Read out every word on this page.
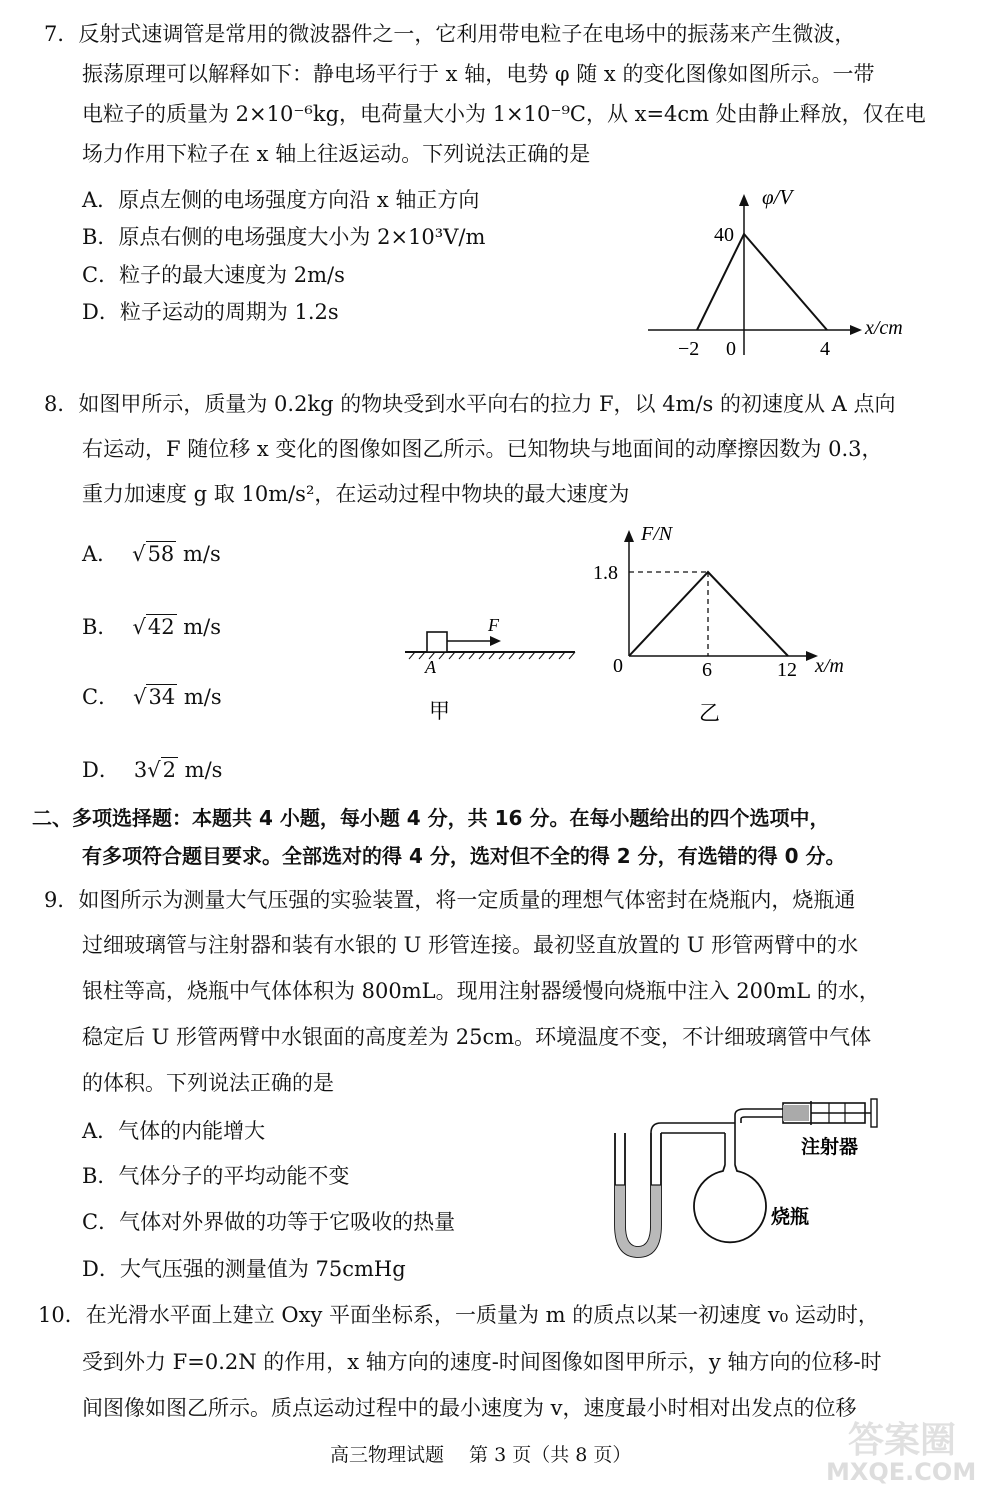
7．反射式速调管是常用的微波器件之一，它利用带电粒子在电场中的振荡来产生微波，
振荡原理可以解释如下：静电场平行于 x 轴，电势 φ 随 x 的变化图像如图所示。一带
电粒子的质量为 2×10⁻⁶kg，电荷量大小为 1×10⁻⁹C，从 x=4cm 处由静止释放，仅在电
场力作用下粒子在 x 轴上往返运动。下列说法正确的是
A．原点左侧的电场强度方向沿 x 轴正方向
B．原点右侧的电场强度大小为 2×10³V/m
C．粒子的最大速度为 2m/s
D．粒子运动的周期为 1.2s
φ/V
x/cm
40
−2 0	4
8．如图甲所示，质量为 0.2kg 的物块受到水平向右的拉力 F，以 4m/s 的初速度从 A 点向
右运动，F 随位移 x 变化的图像如图乙所示。已知物块与地面间的动摩擦因数为 0.3，
重力加速度 g 取 10m/s²，在运动过程中物块的最大速度为
A． √58 m/s
B． √42 m/s
C． √34 m/s
D． 3√2 m/s
F
A
甲
F/N
x/m
1.8
0	6	12
乙
二、多项选择题：本题共 4 小题，每小题 4 分，共 16 分。在每小题给出的四个选项中，
有多项符合题目要求。全部选对的得 4 分，选对但不全的得 2 分，有选错的得 0 分。
9．如图所示为测量大气压强的实验装置，将一定质量的理想气体密封在烧瓶内，烧瓶通
过细玻璃管与注射器和装有水银的 U 形管连接。最初竖直放置的 U 形管两臂中的水
银柱等高，烧瓶中气体体积为 800mL。现用注射器缓慢向烧瓶中注入 200mL 的水，
稳定后 U 形管两臂中水银面的高度差为 25cm。环境温度不变，不计细玻璃管中气体
的体积。下列说法正确的是
A．气体的内能增大
B．气体分子的平均动能不变
C．气体对外界做的功等于它吸收的热量
D．大气压强的测量值为 75cmHg
注射器
烧瓶
10．在光滑水平面上建立 Oxy 平面坐标系，一质量为 m 的质点以某一初速度 v₀ 运动时，
受到外力 F=0.2N 的作用，x 轴方向的速度-时间图像如图甲所示，y 轴方向的位移-时
间图像如图乙所示。质点运动过程中的最小速度为 v，速度最小时相对出发点的位移
高三物理试题　 第 3 页（共 8 页）	答案圈
MXQE.COM
